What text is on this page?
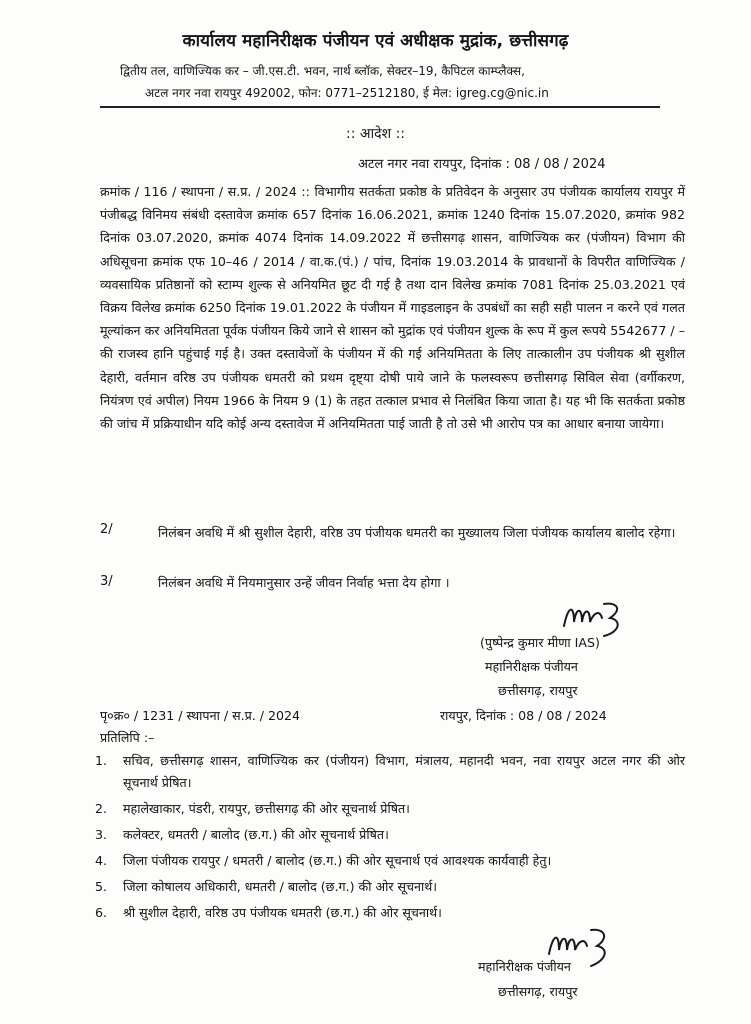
कार्यालय महानिरीक्षक पंजीयन एवं अधीक्षक मुद्रांक, छत्तीसगढ़
द्वितीय तल, वाणिज्यिक कर – जी.एस.टी. भवन, नार्थ ब्लॉक, सेक्टर–19, कैपिटल काम्प्लैक्स,
अटल नगर नवा रायपुर 492002, फोन: 0771–2512180, ई मेल: igreg.cg@nic.in
:: आदेश ::
अटल नगर नवा रायपुर, दिनांक : 08 / 08 / 2024
क्रमांक / 116 / स्थापना / स.प्र. / 2024 :: विभागीय सतर्कता प्रकोष्ठ के प्रतिवेदन के अनुसार उप पंजीयक कार्यालय रायपुर में पंजीबद्ध विनिमय संबंधी दस्तावेज क्रमांक 657 दिनांक 16.06.2021, क्रमांक 1240 दिनांक 15.07.2020, क्रमांक 982 दिनांक 03.07.2020, क्रमांक 4074 दिनांक 14.09.2022 में छत्तीसगढ़ शासन, वाणिज्यिक कर (पंजीयन) विभाग की अधिसूचना क्रमांक एफ 10–46 / 2014 / वा.क.(पं.) / पांच, दिनांक 19.03.2014 के प्रावधानों के विपरीत वाणिज्यिक / व्यवसायिक प्रतिष्ठानों को स्टाम्प शुल्क से अनियमित छूट दी गई है तथा दान विलेख क्रमांक 7081 दिनांक 25.03.2021 एवं विक्रय विलेख क्रमांक 6250 दिनांक 19.01.2022 के पंजीयन में गाइडलाइन के उपबंधों का सही सही पालन न करने एवं गलत मूल्यांकन कर अनियमितता पूर्वक पंजीयन किये जाने से शासन को मुद्रांक एवं पंजीयन शुल्क के रूप में कुल रूपये 5542677 / – की राजस्व हानि पहुंचाई गई है। उक्त दस्तावेजों के पंजीयन में की गई अनियमितता के लिए तात्कालीन उप पंजीयक श्री सुशील देहारी, वर्तमान वरिष्ठ उप पंजीयक धमतरी को प्रथम दृष्ट्या दोषी पाये जाने के फलस्वरूप छत्तीसगढ़ सिविल सेवा (वर्गीकरण, नियंत्रण एवं अपील) नियम 1966 के नियम 9 (1) के तहत तत्काल प्रभाव से निलंबित किया जाता है। यह भी कि सतर्कता प्रकोष्ठ की जांच में प्रक्रियाधीन यदि कोई अन्य दस्तावेज में अनियमितता पाई जाती है तो उसे भी आरोप पत्र का आधार बनाया जायेगा।
निलंबन अवधि में श्री सुशील देहारी, वरिष्ठ उप पंजीयक धमतरी का मुख्यालय जिला पंजीयक कार्यालय बालोद रहेगा।
2/
3/	निलंबन अवधि में नियमानुसार उन्हें जीवन निर्वाह भत्ता देय होगा ।
(पुष्पेन्द्र कुमार मीणा IAS)
महानिरीक्षक पंजीयन
छत्तीसगढ़, रायपुर
पृ०क्र० / 1231 / स्थापना / स.प्र. / 2024	रायपुर, दिनांक : 08 / 08 / 2024
प्रतिलिपि :–
1.	सचिव, छत्तीसगढ़ शासन, वाणिज्यिक कर (पंजीयन) विभाग, मंत्रालय, महानदी भवन, नवा रायपुर अटल नगर की ओर सूचनार्थ प्रेषित।
2.	महालेखाकार, पंडरी, रायपुर, छत्तीसगढ़ की ओर सूचनार्थ प्रेषित।
3.	कलेक्टर, धमतरी / बालोद (छ.ग.) की ओर सूचनार्थ प्रेषित।
4.	जिला पंजीयक रायपुर / धमतरी / बालोद (छ.ग.) की ओर सूचनार्थ एवं आवश्यक कार्यवाही हेतु।
5.	जिला कोषालय अधिकारी, धमतरी / बालोद (छ.ग.) की ओर सूचनार्थ।
6.	श्री सुशील देहारी, वरिष्ठ उप पंजीयक धमतरी (छ.ग.) की ओर सूचनार्थ।
महानिरीक्षक पंजीयन
छत्तीसगढ़, रायपुर
